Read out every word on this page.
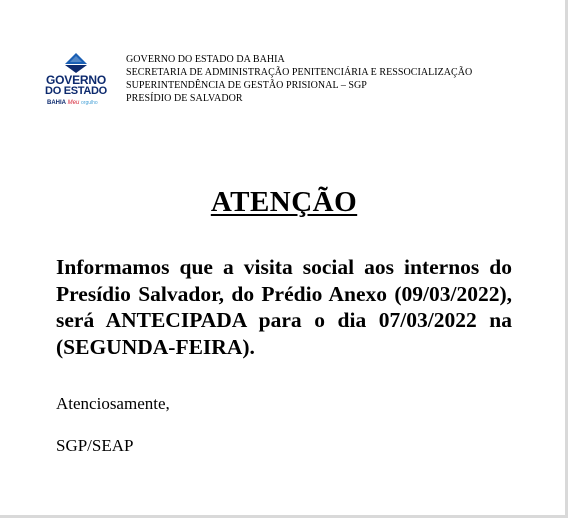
GOVERNO
DO ESTADO
BAHIA Meu orgulho
GOVERNO DO ESTADO DA BAHIA
SECRETARIA DE ADMINISTRAÇÃO PENITENCIÁRIA E RESSOCIALIZAÇÃO
SUPERINTENDÊNCIA DE GESTÃO PRISIONAL – SGP
PRESÍDIO DE SALVADOR
ATENÇÃO
Informamos que a visita social aos internos do Presídio Salvador, do Prédio Anexo (09/03/2022), será ANTECIPADA para o dia 07/03/2022 na (SEGUNDA-FEIRA).
Atenciosamente,
SGP/SEAP
